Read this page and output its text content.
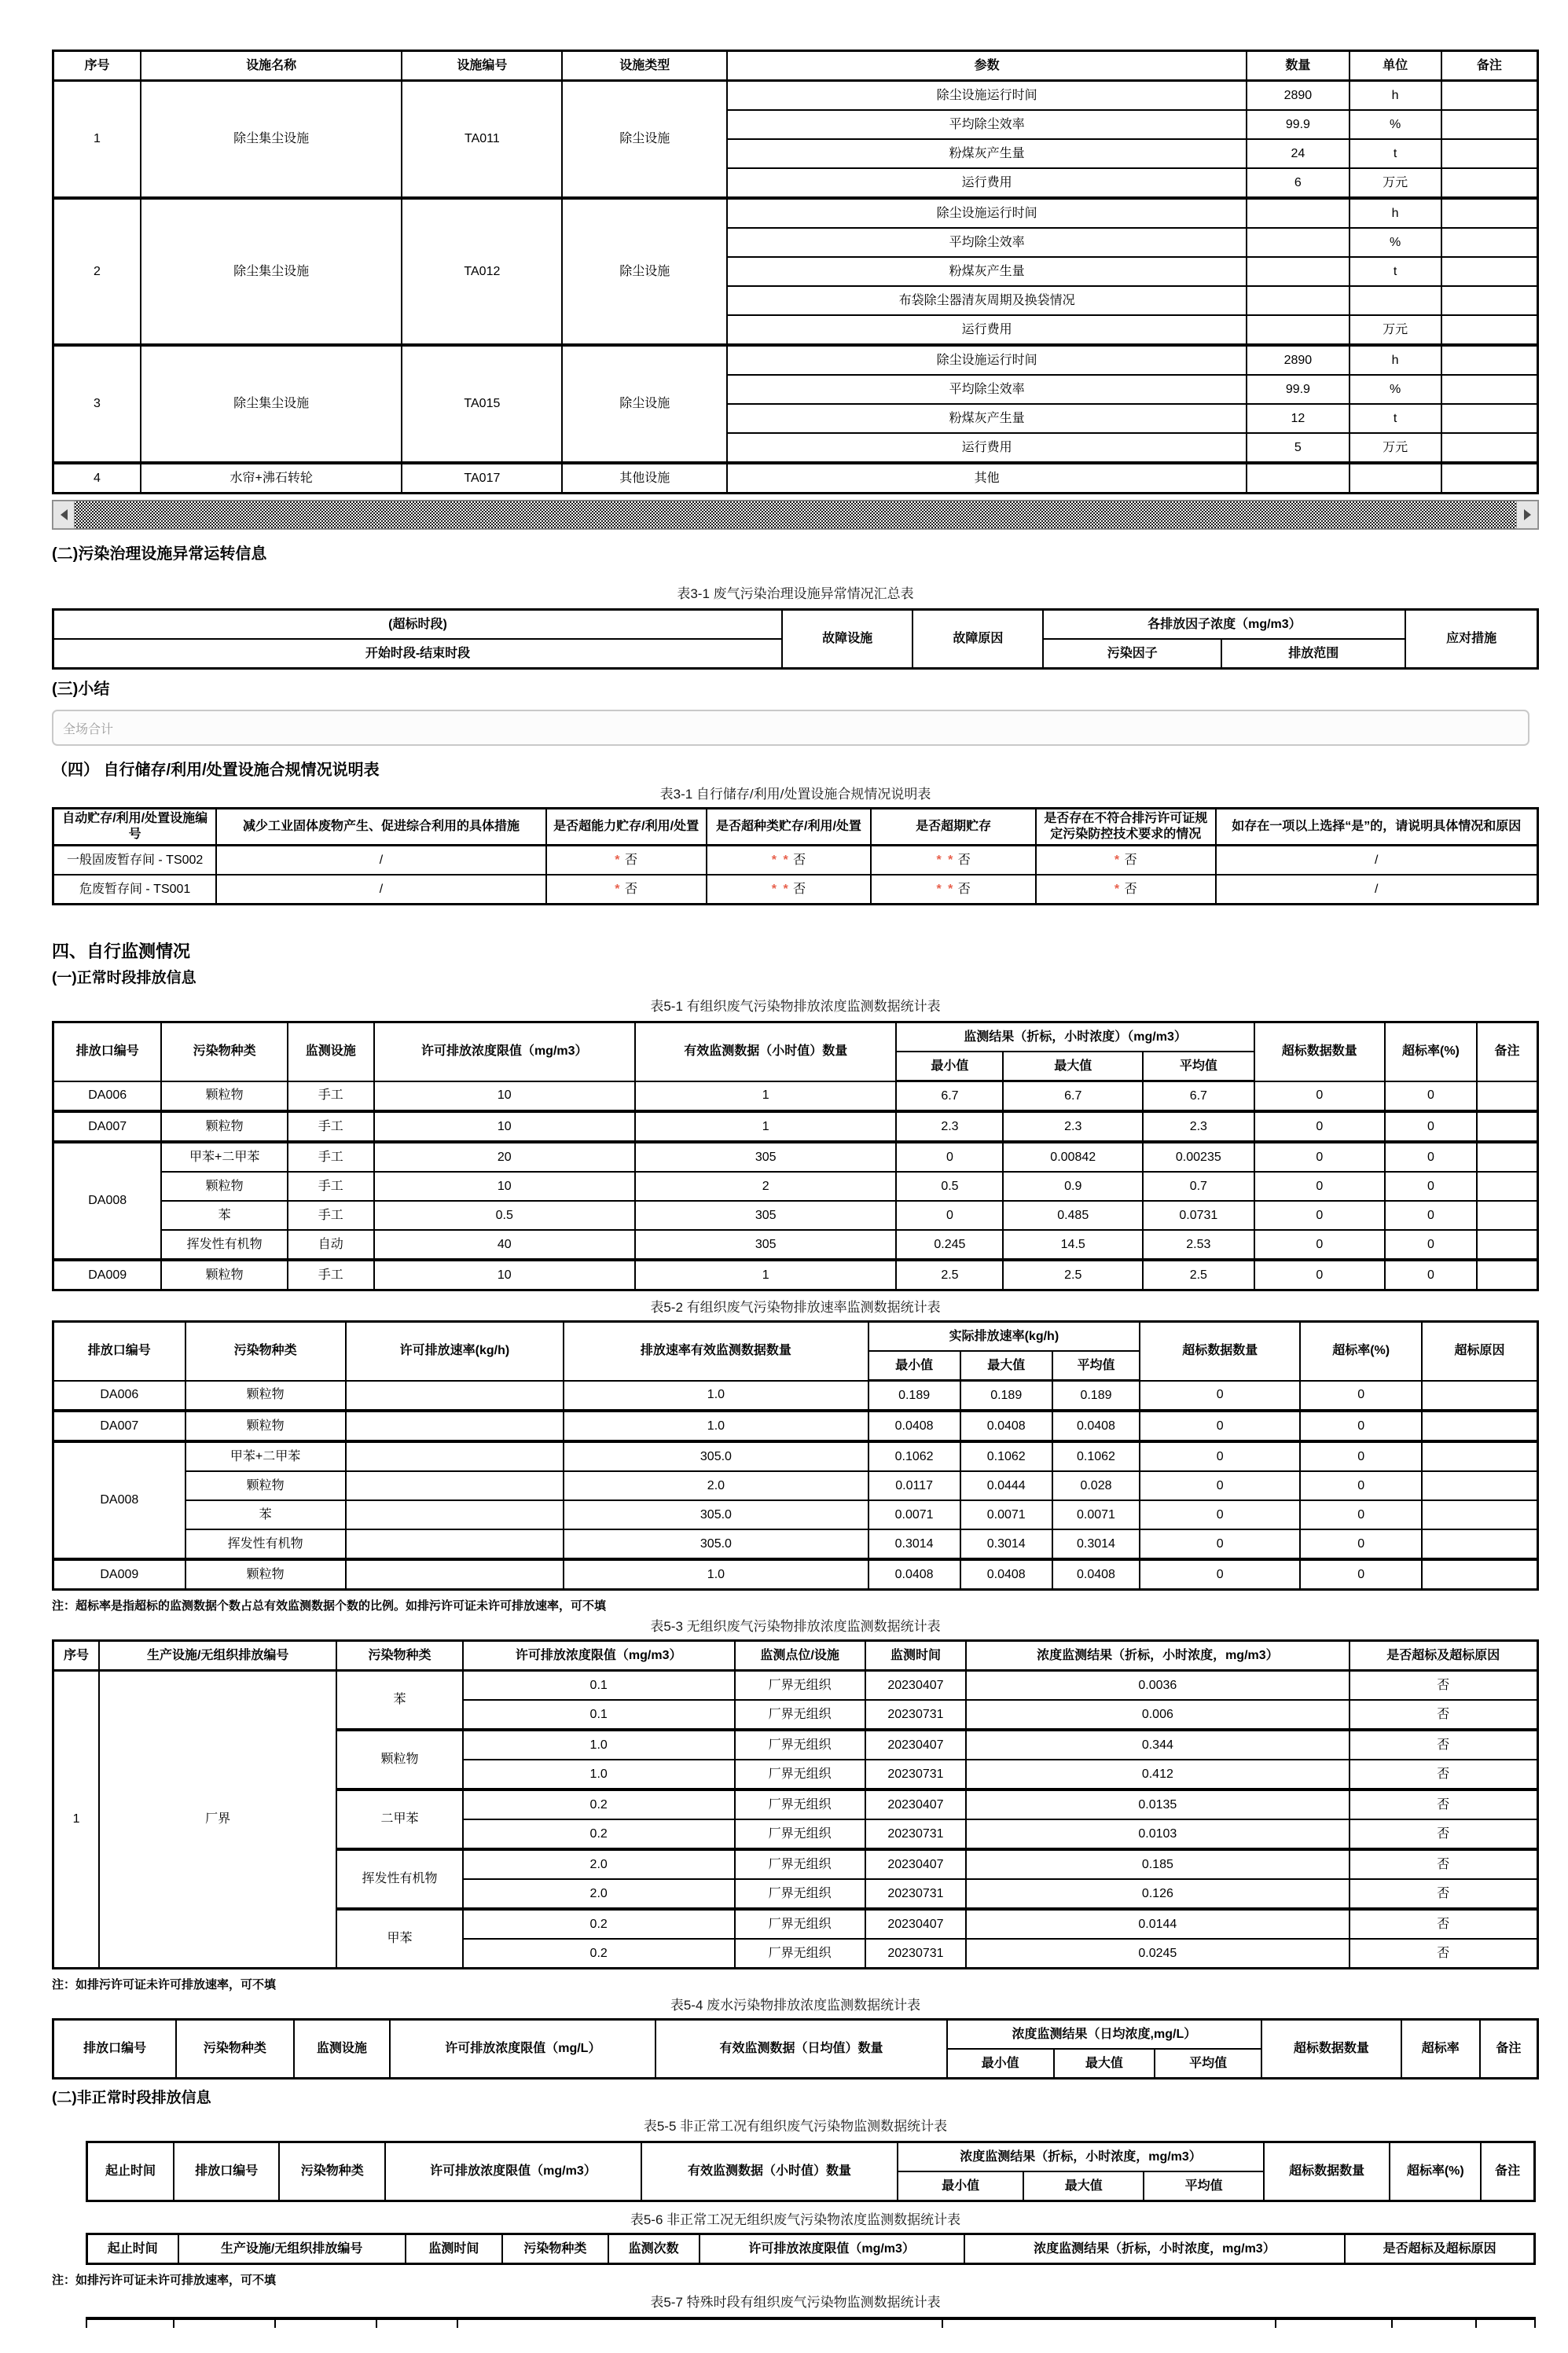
序号	设施名称	设施编号	设施类型	参数	数量	单位	备注
1	除尘集尘设施	TA011	除尘设施	除尘设施运行时间	2890	h	
				平均除尘效率	99.9	%	
				粉煤灰产生量	24	t	
				运行费用	6	万元	
2	除尘集尘设施	TA012	除尘设施	除尘设施运行时间		h	
				平均除尘效率		%	
				粉煤灰产生量		t	
				布袋除尘器清灰周期及换袋情况			
				运行费用		万元	
3	除尘集尘设施	TA015	除尘设施	除尘设施运行时间	2890	h	
				平均除尘效率	99.9	%	
				粉煤灰产生量	12	t	
				运行费用	5	万元	
4	水帘+沸石转轮	TA017	其他设施	其他			
(二)污染治理设施异常运转信息
表3-1 废气污染治理设施异常情况汇总表
(超标时段)	故障设施	故障原因	各排放因子浓度（mg/m3）		应对措施
开始时段-结束时段			污染因子	排放范围	
(三)小结
全场合计
（四） 自行储存/利用/处置设施合规情况说明表
表3-1 自行储存/利用/处置设施合规情况说明表
自动贮存/利用/处置设施编号	减少工业固体废物产生、促进综合利用的具体措施	是否超能力贮存/利用/处置	是否超种类贮存/利用/处置	是否超期贮存	是否存在不符合排污许可证规定污染防控技术要求的情况	如存在一项以上选择“是”的，请说明具体情况和原因
一般固废暂存间 - TS002	/	* 否	* * 否	* * 否	* 否	/
危废暂存间 - TS001	/	* 否	* * 否	* * 否	* 否	/
四、自行监测情况
(一)正常时段排放信息
表5-1 有组织废气污染物排放浓度监测数据统计表
排放口编号	污染物种类	监测设施	许可排放浓度限值（mg/m3）	有效监测数据（小时值）数量	监测结果（折标，小时浓度）（mg/m3）			超标数据数量	超标率(%)	备注
					最小值	最大值	平均值			
DA006	颗粒物	手工	10	1	6.7	6.7	6.7	0	0	
DA007	颗粒物	手工	10	1	2.3	2.3	2.3	0	0	
DA008	甲苯+二甲苯	手工	20	305	0	0.00842	0.00235	0	0	
	颗粒物	手工	10	2	0.5	0.9	0.7	0	0	
	苯	手工	0.5	305	0	0.485	0.0731	0	0	
	挥发性有机物	自动	40	305	0.245	14.5	2.53	0	0	
DA009	颗粒物	手工	10	1	2.5	2.5	2.5	0	0	
表5-2 有组织废气污染物排放速率监测数据统计表
排放口编号	污染物种类	许可排放速率(kg/h)	排放速率有效监测数据数量	实际排放速率(kg/h)			超标数据数量	超标率(%)	超标原因
				最小值	最大值	平均值			
DA006	颗粒物		1.0	0.189	0.189	0.189	0	0	
DA007	颗粒物		1.0	0.0408	0.0408	0.0408	0	0	
DA008	甲苯+二甲苯		305.0	0.1062	0.1062	0.1062	0	0	
	颗粒物		2.0	0.0117	0.0444	0.028	0	0	
	苯		305.0	0.0071	0.0071	0.0071	0	0	
	挥发性有机物		305.0	0.3014	0.3014	0.3014	0	0	
DA009	颗粒物		1.0	0.0408	0.0408	0.0408	0	0	
注：超标率是指超标的监测数据个数占总有效监测数据个数的比例。如排污许可证未许可排放速率，可不填
表5-3 无组织废气污染物排放浓度监测数据统计表
序号	生产设施/无组织排放编号	污染物种类	许可排放浓度限值（mg/m3）	监测点位/设施	监测时间	浓度监测结果（折标，小时浓度，mg/m3）	是否超标及超标原因
1	厂界	苯	0.1	厂界无组织	20230407	0.0036	否
			0.1	厂界无组织	20230731	0.006	否
		颗粒物	1.0	厂界无组织	20230407	0.344	否
			1.0	厂界无组织	20230731	0.412	否
		二甲苯	0.2	厂界无组织	20230407	0.0135	否
			0.2	厂界无组织	20230731	0.0103	否
		挥发性有机物	2.0	厂界无组织	20230407	0.185	否
			2.0	厂界无组织	20230731	0.126	否
		甲苯	0.2	厂界无组织	20230407	0.0144	否
			0.2	厂界无组织	20230731	0.0245	否
注：如排污许可证未许可排放速率，可不填
表5-4 废水污染物排放浓度监测数据统计表
排放口编号	污染物种类	监测设施	许可排放浓度限值（mg/L）	有效监测数据（日均值）数量	浓度监测结果（日均浓度,mg/L）			超标数据数量	超标率	备注
					最小值	最大值	平均值			
(二)非正常时段排放信息
表5-5 非正常工况有组织废气污染物监测数据统计表
起止时间	排放口编号	污染物种类	许可排放浓度限值（mg/m3）	有效监测数据（小时值）数量	浓度监测结果（折标，小时浓度，mg/m3）			超标数据数量	超标率(%)	备注
					最小值	最大值	平均值			
表5-6 非正常工况无组织废气污染物浓度监测数据统计表
起止时间	生产设施/无组织排放编号	监测时间	污染物种类	监测次数	许可排放浓度限值（mg/m3）	浓度监测结果（折标，小时浓度，mg/m3）	是否超标及超标原因
注：如排污许可证未许可排放速率，可不填
表5-7 特殊时段有组织废气污染物监测数据统计表
